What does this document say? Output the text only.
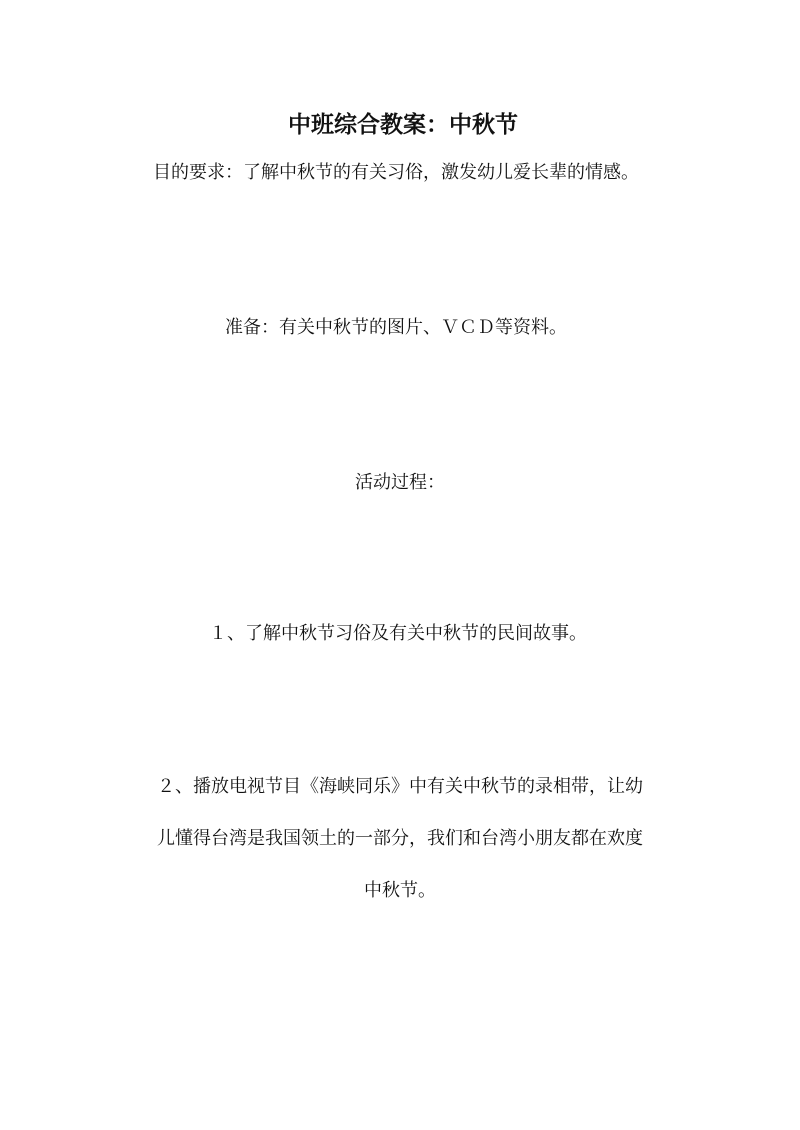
中班综合教案：中秋节
目的要求：了解中秋节的有关习俗，激发幼儿爱长辈的情感。
准备：有关中秋节的图片、ＶＣＤ等资料。
活动过程：
１、了解中秋节习俗及有关中秋节的民间故事。
２、播放电视节目《海峡同乐》中有关中秋节的录相带，让幼
儿懂得台湾是我国领土的一部分，我们和台湾小朋友都在欢度
中秋节。
